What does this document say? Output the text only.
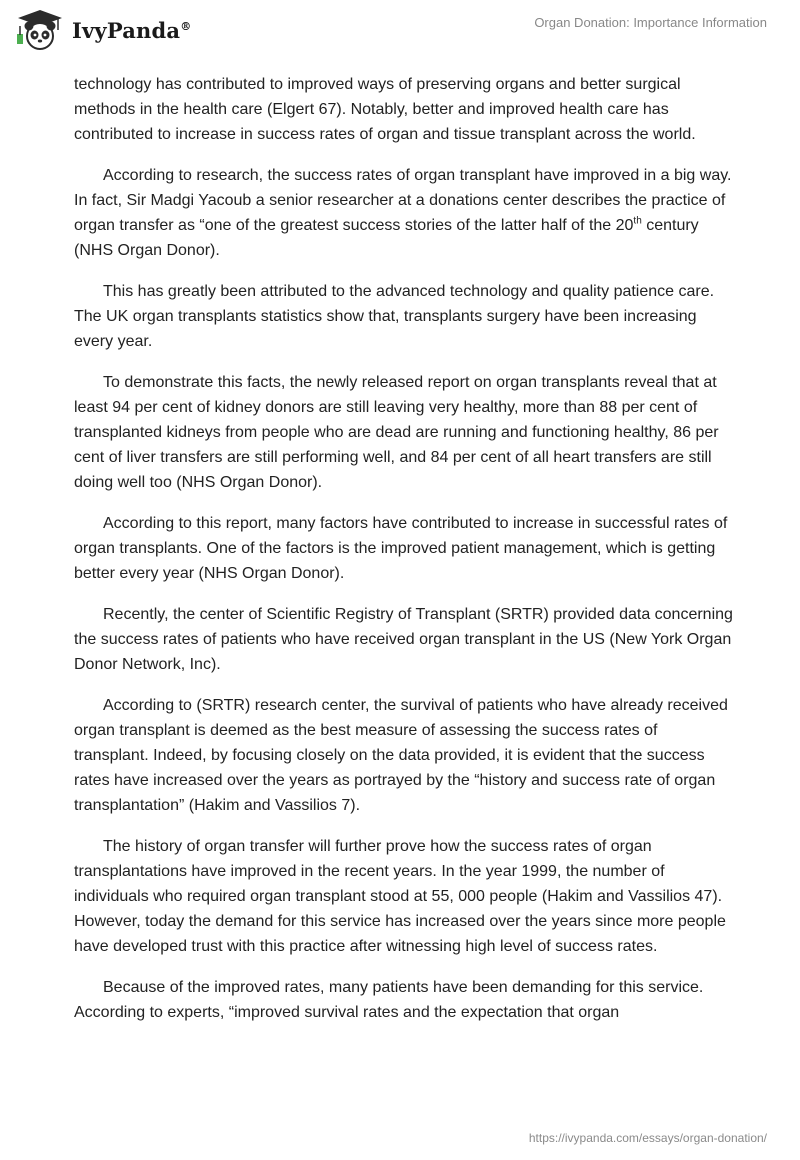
IvyPanda®	Organ Donation: Importance Information

technology has contributed to improved ways of preserving organs and better surgical methods in the health care (Elgert 67). Notably, better and improved health care has contributed to increase in success rates of organ and tissue transplant across the world.

According to research, the success rates of organ transplant have improved in a big way. In fact, Sir Madgi Yacoub a senior researcher at a donations center describes the practice of organ transfer as “one of the greatest success stories of the latter half of the 20th century (NHS Organ Donor).

This has greatly been attributed to the advanced technology and quality patience care. The UK organ transplants statistics show that, transplants surgery have been increasing every year.

To demonstrate this facts, the newly released report on organ transplants reveal that at least 94 per cent of kidney donors are still leaving very healthy, more than 88 per cent of transplanted kidneys from people who are dead are running and functioning healthy, 86 per cent of liver transfers are still performing well, and 84 per cent of all heart transfers are still doing well too (NHS Organ Donor).

According to this report, many factors have contributed to increase in successful rates of organ transplants. One of the factors is the improved patient management, which is getting better every year (NHS Organ Donor).

Recently, the center of Scientific Registry of Transplant (SRTR) provided data concerning the success rates of patients who have received organ transplant in the US (New York Organ Donor Network, Inc).

According to (SRTR) research center, the survival of patients who have already received organ transplant is deemed as the best measure of assessing the success rates of transplant. Indeed, by focusing closely on the data provided, it is evident that the success rates have increased over the years as portrayed by the “history and success rate of organ transplantation” (Hakim and Vassilios 7).

The history of organ transfer will further prove how the success rates of organ transplantations have improved in the recent years. In the year 1999, the number of individuals who required organ transplant stood at 55, 000 people (Hakim and Vassilios 47). However, today the demand for this service has increased over the years since more people have developed trust with this practice after witnessing high level of success rates.

Because of the improved rates, many patients have been demanding for this service. According to experts, “improved survival rates and the expectation that organ

https://ivypanda.com/essays/organ-donation/
